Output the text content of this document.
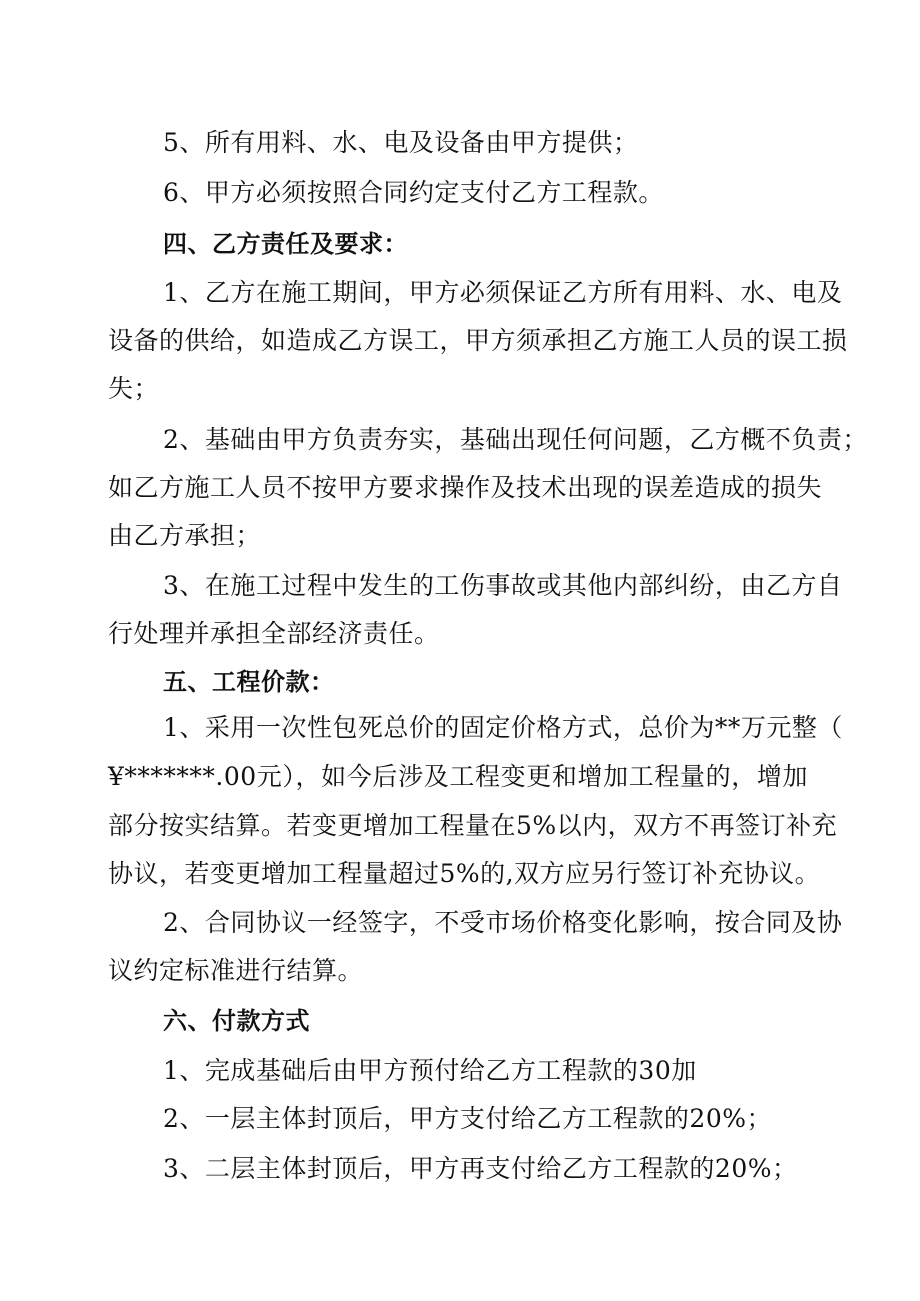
5、所有用料、水、电及设备由甲方提供；
6、甲方必须按照合同约定支付乙方工程款。
四、乙方责任及要求：
1、乙方在施工期间，甲方必须保证乙方所有用料、水、电及
设备的供给，如造成乙方误工，甲方须承担乙方施工人员的误工损
失；
2、基础由甲方负责夯实，基础出现任何问题，乙方概不负责；
如乙方施工人员不按甲方要求操作及技术出现的误差造成的损失
由乙方承担；
3、在施工过程中发生的工伤事故或其他内部纠纷，由乙方自
行处理并承担全部经济责任。
五、工程价款：
1、采用一次性包死总价的固定价格方式，总价为**万元整（
¥*******.00元），如今后涉及工程变更和增加工程量的，增加
部分按实结算。若变更增加工程量在5%以内，双方不再签订补充
协议，若变更增加工程量超过5%的,双方应另行签订补充协议。
2、合同协议一经签字，不受市场价格变化影响，按合同及协
议约定标准进行结算。
六、付款方式
1、完成基础后由甲方预付给乙方工程款的30加
2、一层主体封顶后，甲方支付给乙方工程款的20%；
3、二层主体封顶后，甲方再支付给乙方工程款的20%；
